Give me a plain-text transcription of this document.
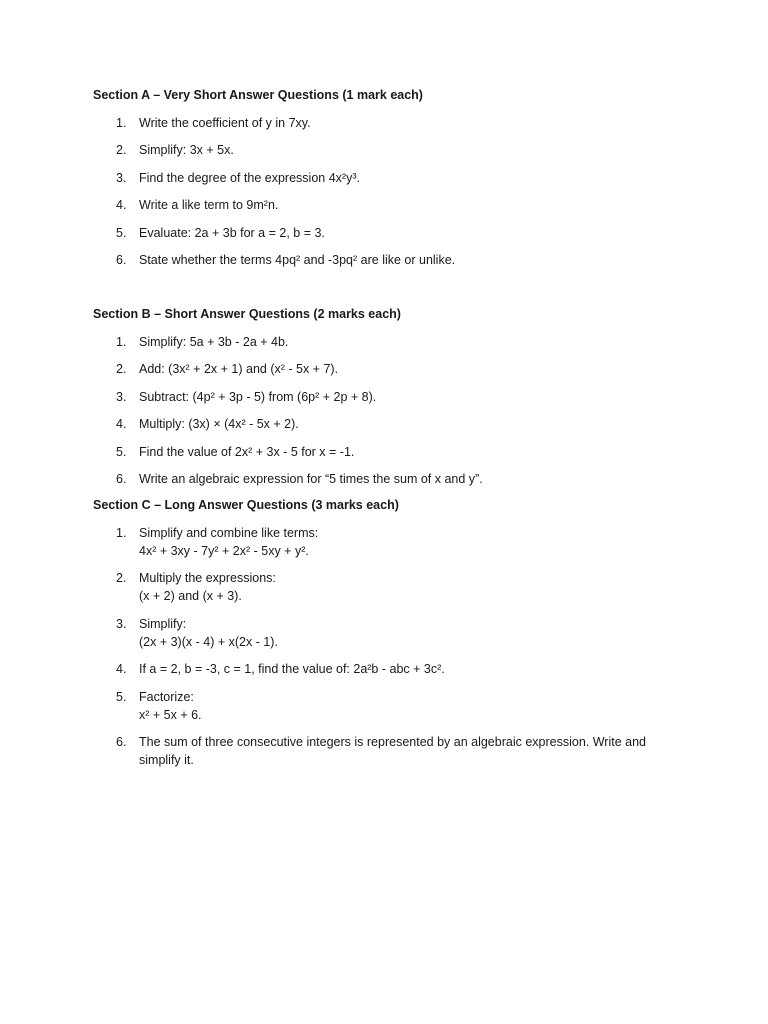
Section A – Very Short Answer Questions (1 mark each)

1. Write the coefficient of y in 7xy.
2. Simplify: 3x + 5x.
3. Find the degree of the expression 4x²y³.
4. Write a like term to 9m²n.
5. Evaluate: 2a + 3b for a = 2, b = 3.
6. State whether the terms 4pq² and -3pq² are like or unlike.

Section B – Short Answer Questions (2 marks each)

1. Simplify: 5a + 3b - 2a + 4b.
2. Add: (3x² + 2x + 1) and (x² - 5x + 7).
3. Subtract: (4p² + 3p - 5) from (6p² + 2p + 8).
4. Multiply: (3x) × (4x² - 5x + 2).
5. Find the value of 2x² + 3x - 5 for x = -1.
6. Write an algebraic expression for “5 times the sum of x and y”.

Section C – Long Answer Questions (3 marks each)

1. Simplify and combine like terms:
4x² + 3xy - 7y² + 2x² - 5xy + y².
2. Multiply the expressions:
(x + 2) and (x + 3).
3. Simplify:
(2x + 3)(x - 4) + x(2x - 1).
4. If a = 2, b = -3, c = 1, find the value of: 2a²b - abc + 3c².
5. Factorize:
x² + 5x + 6.
6. The sum of three consecutive integers is represented by an algebraic expression. Write and
simplify it.
